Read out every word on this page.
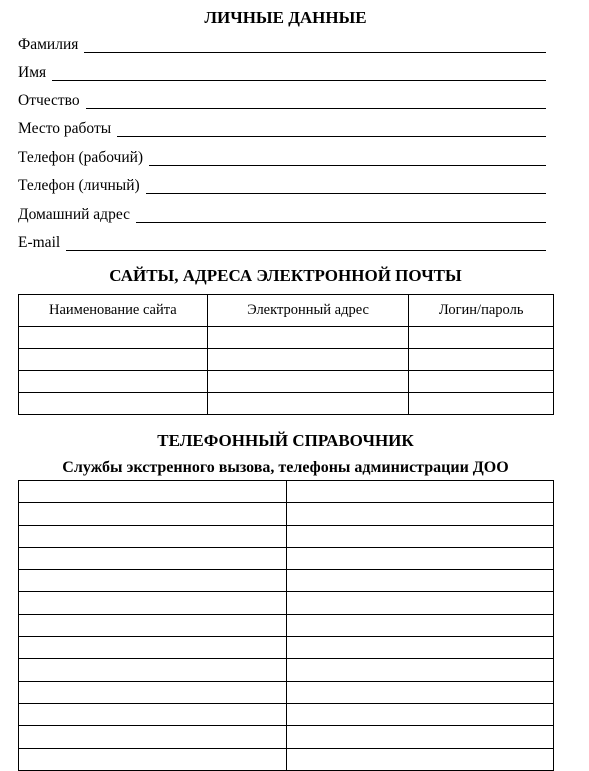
ЛИЧНЫЕ ДАННЫЕ
Фамилия
Имя
Отчество
Место работы
Телефон (рабочий)
Телефон (личный)
Домашний адрес
E-mail
САЙТЫ, АДРЕСА ЭЛЕКТРОННОЙ ПОЧТЫ
Наименование сайта	Электронный адрес	Логин/пароль

ТЕЛЕФОННЫЙ СПРАВОЧНИК
Службы экстренного вызова, телефоны администрации ДОО
